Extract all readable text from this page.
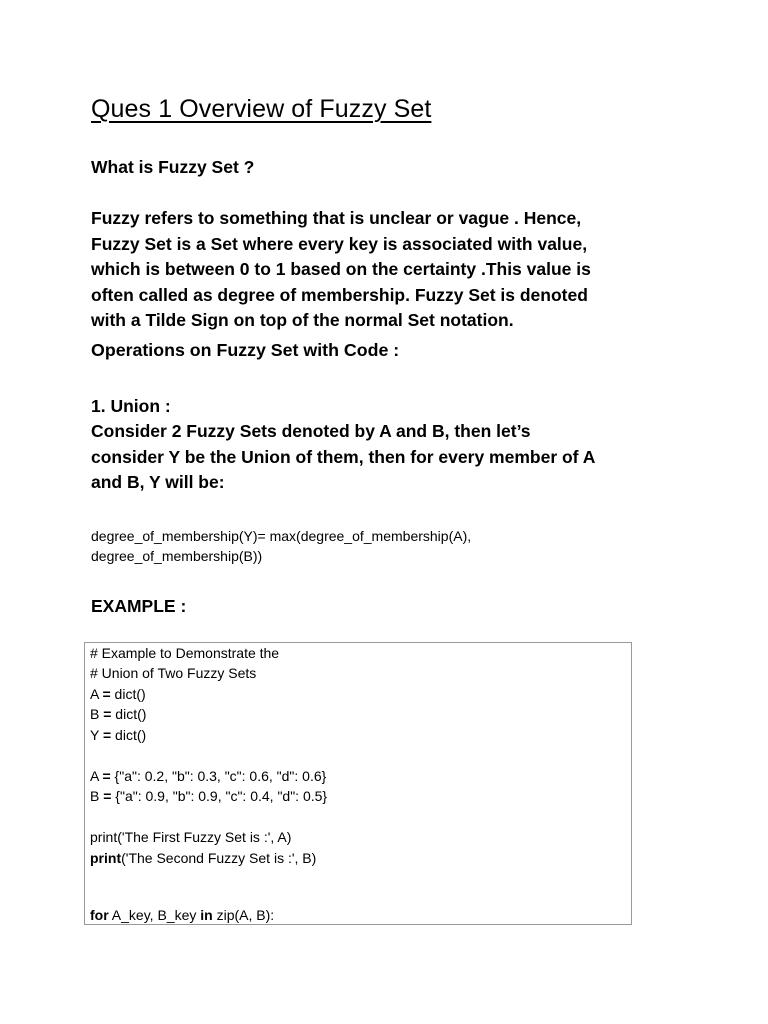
Ques 1 Overview of Fuzzy Set
What is Fuzzy Set ?

Fuzzy refers to something that is unclear or vague . Hence,
Fuzzy Set is a Set where every key is associated with value,
which is between 0 to 1 based on the certainty .This value is
often called as degree of membership. Fuzzy Set is denoted
with a Tilde Sign on top of the normal Set notation.

Operations on Fuzzy Set with Code :

1. Union :

Consider 2 Fuzzy Sets denoted by A and B, then let’s
consider Y be the Union of them, then for every member of A
and B, Y will be:

degree_of_membership(Y)= max(degree_of_membership(A),
degree_of_membership(B))

EXAMPLE :

# Example to Demonstrate the
# Union of Two Fuzzy Sets
A = dict()
B = dict()
Y = dict()
A = {"a": 0.2, "b": 0.3, "c": 0.6, "d": 0.6}
B = {"a": 0.9, "b": 0.9, "c": 0.4, "d": 0.5}
print('The First Fuzzy Set is :', A)
print('The Second Fuzzy Set is :', B)
for A_key, B_key in zip(A, B):
